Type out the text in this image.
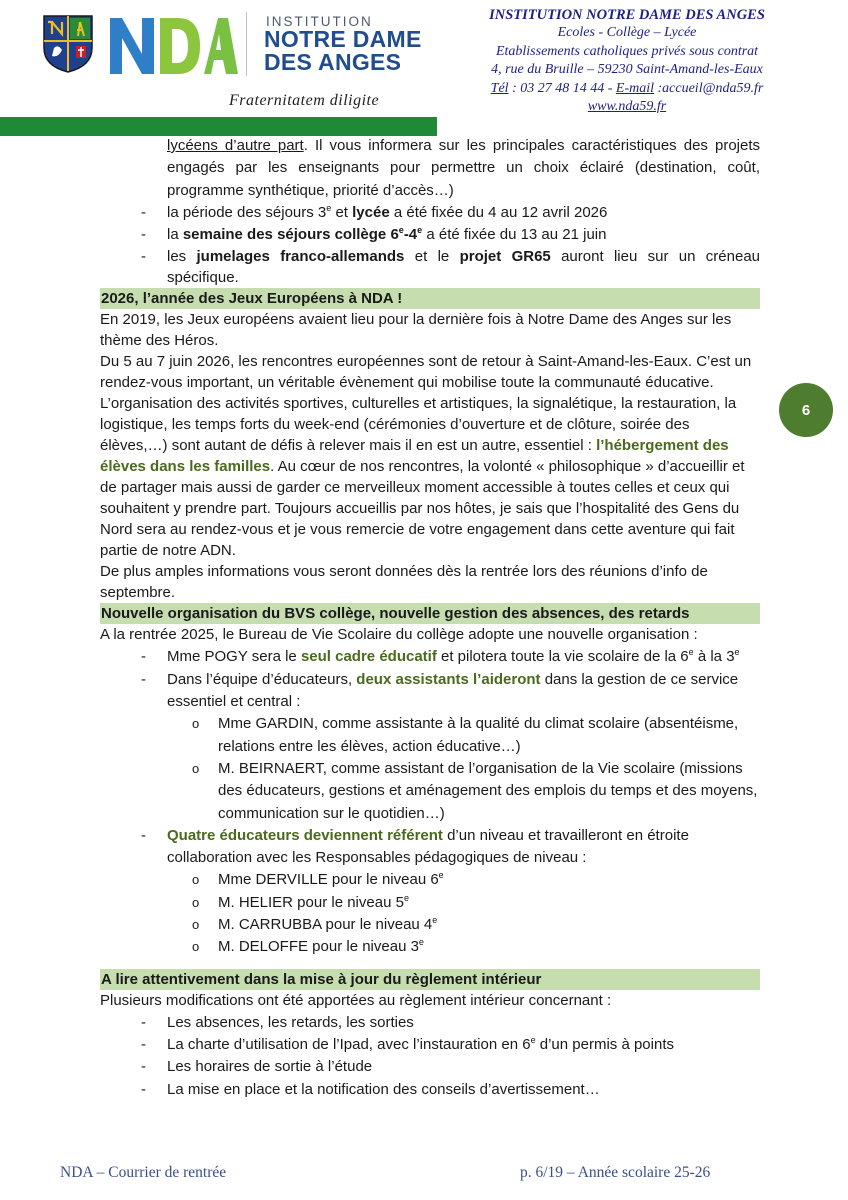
INSTITUTION
NOTRE DAME
DES ANGES
Fraternitatem diligite
INSTITUTION NOTRE DAME DES ANGES
Ecoles - Collège – Lycée
Etablissements catholiques privés sous contrat
4, rue du Bruille – 59230 Saint-Amand-les-Eaux
Tél : 03 27 48 14 44 - E-mail :accueil@nda59.fr
www.nda59.fr
6
lycéens d’autre part. Il vous informera sur les principales caractéristiques des projets engagés par les enseignants pour permettre un choix éclairé (destination, coût, programme synthétique, priorité d’accès…)
- la période des séjours 3e et lycée a été fixée du 4 au 12 avril 2026
- la semaine des séjours collège 6e-4e a été fixée du 13 au 21 juin
- les jumelages franco-allemands et le projet GR65 auront lieu sur un créneau spécifique.
2026, l’année des Jeux Européens à NDA !
En 2019, les Jeux européens avaient lieu pour la dernière fois à Notre Dame des Anges sur les thème des Héros.
Du 5 au 7 juin 2026, les rencontres européennes sont de retour à Saint-Amand-les-Eaux. C’est un rendez-vous important, un véritable évènement qui mobilise toute la communauté éducative.
L’organisation des activités sportives, culturelles et artistiques, la signalétique, la restauration, la logistique, les temps forts du week-end (cérémonies d’ouverture et de clôture, soirée des élèves,…) sont autant de défis à relever mais il en est un autre, essentiel : l’hébergement des élèves dans les familles. Au cœur de nos rencontres, la volonté « philosophique » d’accueillir et de partager mais aussi de garder ce merveilleux moment accessible à toutes celles et ceux qui souhaitent y prendre part. Toujours accueillis par nos hôtes, je sais que l’hospitalité des Gens du Nord sera au rendez-vous et je vous remercie de votre engagement dans cette aventure qui fait partie de notre ADN.
De plus amples informations vous seront données dès la rentrée lors des réunions d’info de septembre.
Nouvelle organisation du BVS collège, nouvelle gestion des absences, des retards
A la rentrée 2025, le Bureau de Vie Scolaire du collège adopte une nouvelle organisation :
- Mme POGY sera le seul cadre éducatif et pilotera toute la vie scolaire de la 6e à la 3e
- Dans l’équipe d’éducateurs, deux assistants l’aideront dans la gestion de ce service essentiel et central :
o Mme GARDIN, comme assistante à la qualité du climat scolaire (absentéisme, relations entre les élèves, action éducative…)
o M. BEIRNAERT, comme assistant de l’organisation de la Vie scolaire (missions des éducateurs, gestions et aménagement des emplois du temps et des moyens, communication sur le quotidien…)
- Quatre éducateurs deviennent référent d’un niveau et travailleront en étroite collaboration avec les Responsables pédagogiques de niveau :
o Mme DERVILLE pour le niveau 6e
o M. HELIER pour le niveau 5e
o M. CARRUBBA pour le niveau 4e
o M. DELOFFE pour le niveau 3e
A lire attentivement dans la mise à jour du règlement intérieur
Plusieurs modifications ont été apportées au règlement intérieur concernant :
- Les absences, les retards, les sorties
- La charte d’utilisation de l’Ipad, avec l’instauration en 6e d’un permis à points
- Les horaires de sortie à l’étude
- La mise en place et la notification des conseils d’avertissement…
NDA – Courrier de rentrée	p. 6/19 – Année scolaire 25-26
